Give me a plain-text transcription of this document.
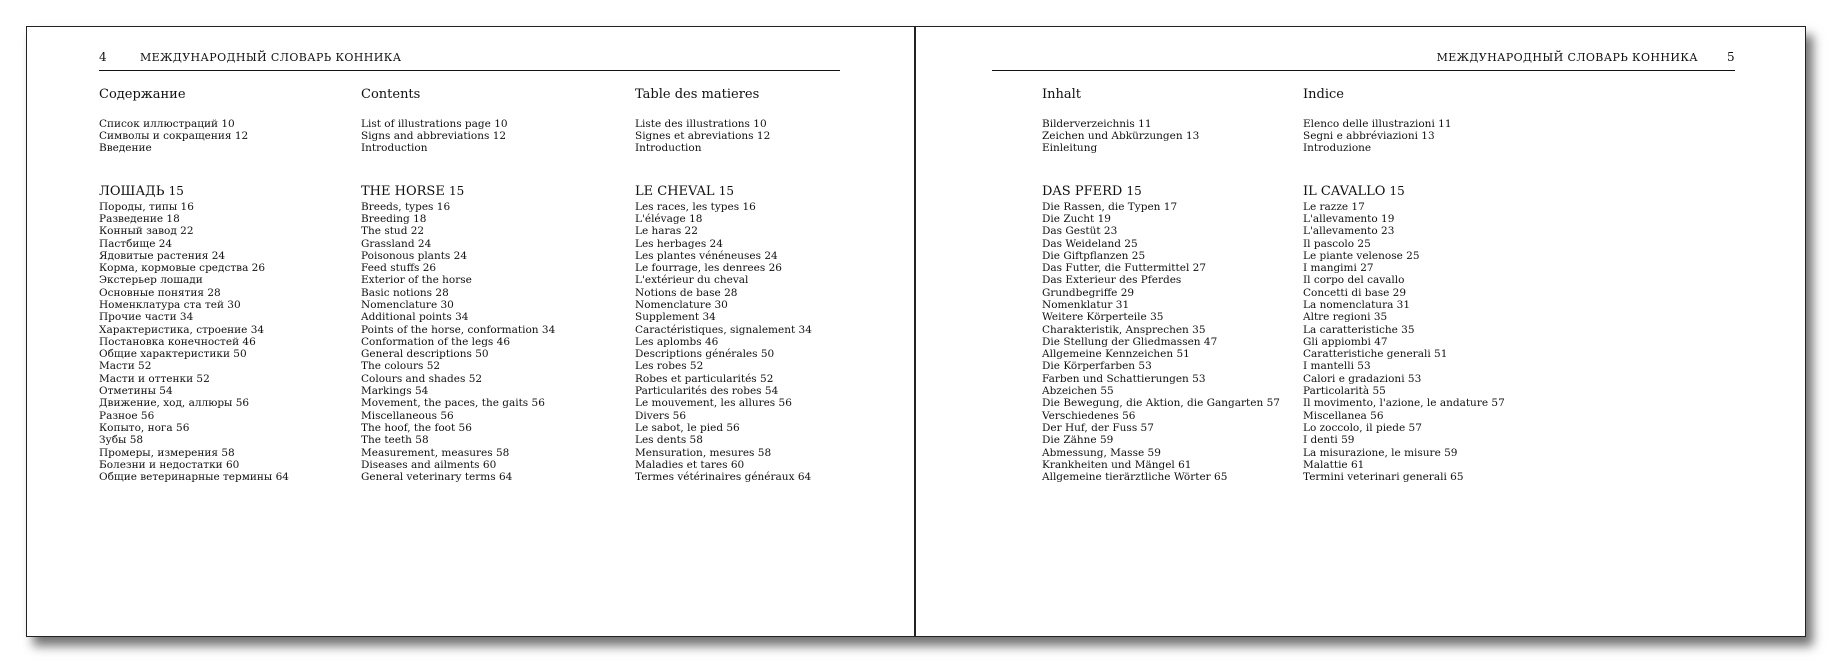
4	МЕЖДУНАРОДНЫЙ СЛОВАРЬ КОННИКА
Содержание
Список иллюстраций 10
Символы и сокращения 12
Введение
ЛОШАДЬ 15
Породы, типы 16
Разведение 18
Конный завод 22
Пастбище 24
Ядовитые растения 24
Корма, кормовые средства 26
Экстерьер лошади
Основные понятия 28
Номенклатура ста тей 30
Прочие части 34
Характеристика, строение 34
Постановка конечностей 46
Общие характеристики 50
Масти 52
Масти и оттенки 52
Отметины 54
Движение, ход, аллюры 56
Разное 56
Копыто, нога 56
Зубы 58
Промеры, измерения 58
Болезни и недостатки 60
Общие ветеринарные термины 64
Contents
List of illustrations page 10
Signs and abbreviations 12
Introduction
THE HORSE 15
Breeds, types 16
Breeding 18
The stud 22
Grassland 24
Poisonous plants 24
Feed stuffs 26
Exterior of the horse
Basic notions 28
Nomenclature 30
Additional points 34
Points of the horse, conformation 34
Conformation of the legs 46
General descriptions 50
The colours 52
Colours and shades 52
Markings 54
Movement, the paces, the gaits 56
Miscellaneous 56
The hoof, the foot 56
The teeth 58
Measurement, measures 58
Diseases and ailments 60
General veterinary terms 64
Table des matieres
Liste des illustrations 10
Signes et abreviations 12
Introduction
LE CHEVAL 15
Les races, les types 16
L'élévage 18
Le haras 22
Les herbages 24
Les plantes vénéneuses 24
Le fourrage, les denrees 26
L'extérieur du cheval
Notions de base 28
Nomenclature 30
Supplement 34
Caractéristiques, signalement 34
Les aplombs 46
Descriptions générales 50
Les robes 52
Robes et particularités 52
Particularités des robes 54
Le mouvement, les allures 56
Divers 56
Le sabot, le pied 56
Les dents 58
Mensuration, mesures 58
Maladies et tares 60
Termes vétérinaires généraux 64
МЕЖДУНАРОДНЫЙ СЛОВАРЬ КОННИКА 5
Inhalt
Bilderverzeichnis 11
Zeichen und Abkürzungen 13
Einleitung
DAS PFERD 15
Die Rassen, die Typen 17
Die Zucht 19
Das Gestüt 23
Das Weideland 25
Die Giftpflanzen 25
Das Futter, die Futtermittel 27
Das Exterieur des Pferdes
Grundbegriffe 29
Nomenklatur 31
Weitere Körperteile 35
Charakteristik, Ansprechen 35
Die Stellung der Gliedmassen 47
Allgemeine Kennzeichen 51
Die Körperfarben 53
Farben und Schattierungen 53
Abzeichen 55
Die Bewegung, die Aktion, die Gangarten 57
Verschiedenes 56
Der Huf, der Fuss 57
Die Zähne 59
Abmessung, Masse 59
Krankheiten und Mängel 61
Allgemeine tierärztliche Wörter 65
Indice
Elenco delle illustrazioni 11
Segni e abbréviazioni 13
Introduzione
IL CAVALLO 15
Le razze 17
L'allevamento 19
L'allevamento 23
Il pascolo 25
Le piante velenose 25
I mangimi 27
Il corpo del cavallo
Concetti di base 29
La nomenclatura 31
Altre regioni 35
La caratteristiche 35
Gli appiombi 47
Caratteristiche generali 51
I mantelli 53
Calori e gradazioni 53
Particolarità 55
Il movimento, l'azione, le andature 57
Miscellanea 56
Lo zoccolo, il piede 57
I denti 59
La misurazione, le misure 59
Malattie 61
Termini veterinari generali 65
